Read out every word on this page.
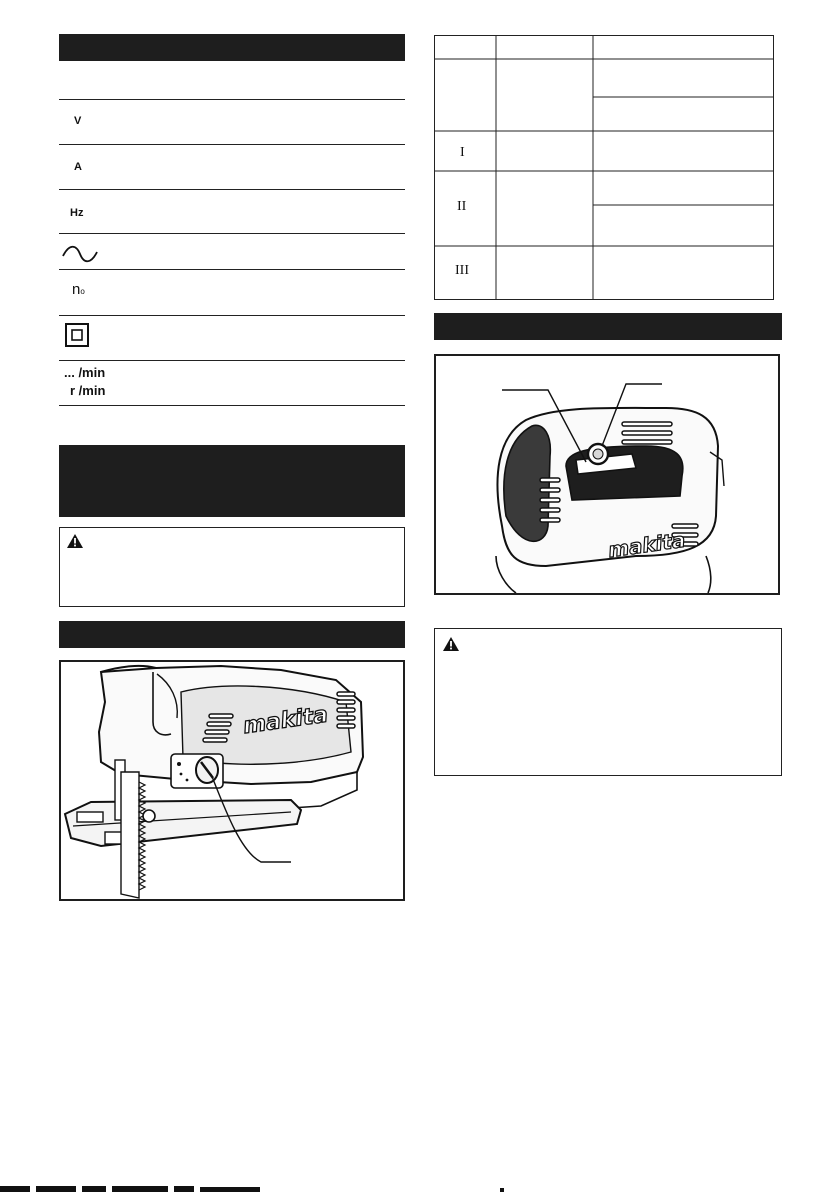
V
A
Hz
no
... /min
r /min
makita
I
II
III
makita
